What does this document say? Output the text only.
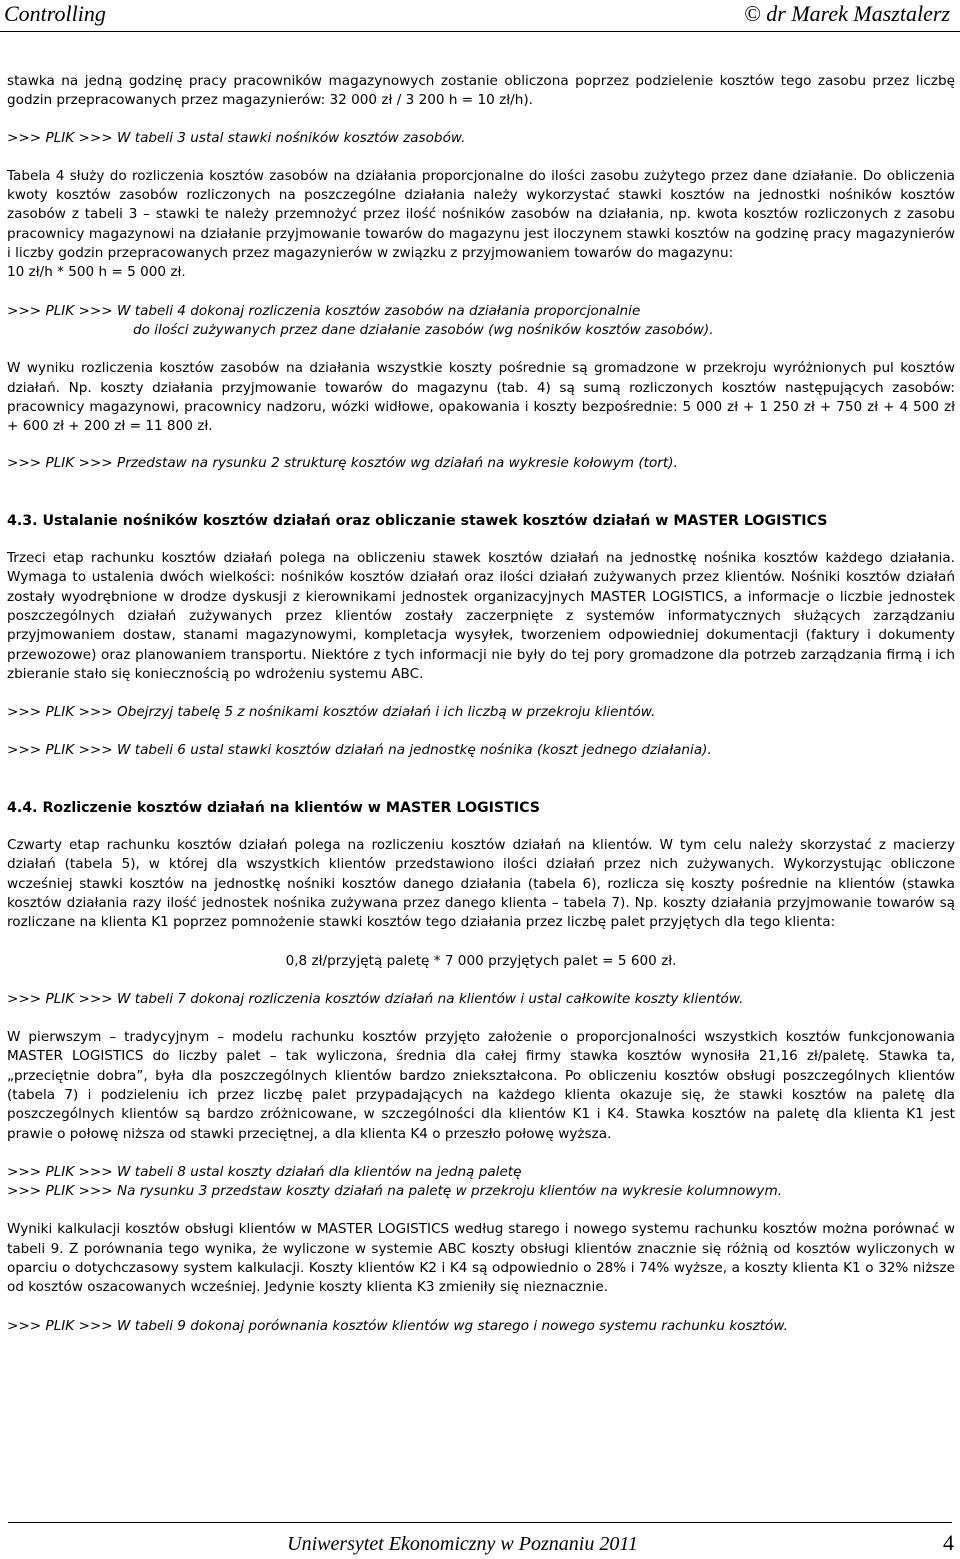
Controlling	© dr Marek Masztalerz

stawka na jedną godzinę pracy pracowników magazynowych zostanie obliczona poprzez podzielenie kosztów tego zasobu przez liczbę godzin przepracowanych przez magazynierów: 32 000 zł / 3 200 h = 10 zł/h).

>>> PLIK >>> W tabeli 3 ustal stawki nośników kosztów zasobów.

Tabela 4 służy do rozliczenia kosztów zasobów na działania proporcjonalne do ilości zasobu zużytego przez dane działanie. Do obliczenia kwoty kosztów zasobów rozliczonych na poszczególne działania należy wykorzystać stawki kosztów na jednostki nośników kosztów zasobów z tabeli 3 – stawki te należy przemnożyć przez ilość nośników zasobów na działania, np. kwota kosztów rozliczonych z zasobu pracownicy magazynowi na działanie przyjmowanie towarów do magazynu jest iloczynem stawki kosztów na godzinę pracy magazynierów i liczby godzin przepracowanych przez magazynierów w związku z przyjmowaniem towarów do magazynu:

10 zł/h * 500 h = 5 000 zł.

>>> PLIK >>> W tabeli 4 dokonaj rozliczenia kosztów zasobów na działania proporcjonalnie

do ilości zużywanych przez dane działanie zasobów (wg nośników kosztów zasobów).

W wyniku rozliczenia kosztów zasobów na działania wszystkie koszty pośrednie są gromadzone w przekroju wyróżnionych pul kosztów działań. Np. koszty działania przyjmowanie towarów do magazynu (tab. 4) są sumą rozliczonych kosztów następujących zasobów: pracownicy magazynowi, pracownicy nadzoru, wózki widłowe, opakowania i koszty bezpośrednie: 5 000 zł + 1 250 zł + 750 zł + 4 500 zł + 600 zł + 200 zł = 11 800 zł.

>>> PLIK >>> Przedstaw na rysunku 2 strukturę kosztów wg działań na wykresie kołowym (tort).

4.3. Ustalanie nośników kosztów działań oraz obliczanie stawek kosztów działań w MASTER LOGISTICS

Trzeci etap rachunku kosztów działań polega na obliczeniu stawek kosztów działań na jednostkę nośnika kosztów każdego działania. Wymaga to ustalenia dwóch wielkości: nośników kosztów działań oraz ilości działań zużywanych przez klientów. Nośniki kosztów działań zostały wyodrębnione w drodze dyskusji z kierownikami jednostek organizacyjnych MASTER LOGISTICS, a informacje o liczbie jednostek poszczególnych działań zużywanych przez klientów zostały zaczerpnięte z systemów informatycznych służących zarządzaniu przyjmowaniem dostaw, stanami magazynowymi, kompletacja wysyłek, tworzeniem odpowiedniej dokumentacji (faktury i dokumenty przewozowe) oraz planowaniem transportu. Niektóre z tych informacji nie były do tej pory gromadzone dla potrzeb zarządzania firmą i ich zbieranie stało się koniecznością po wdrożeniu systemu ABC.

>>> PLIK >>> Obejrzyj tabelę 5 z nośnikami kosztów działań i ich liczbą w przekroju klientów.

>>> PLIK >>> W tabeli 6 ustal stawki kosztów działań na jednostkę nośnika (koszt jednego działania).

4.4. Rozliczenie kosztów działań na klientów w MASTER LOGISTICS

Czwarty etap rachunku kosztów działań polega na rozliczeniu kosztów działań na klientów. W tym celu należy skorzystać z macierzy działań (tabela 5), w której dla wszystkich klientów przedstawiono ilości działań przez nich zużywanych. Wykorzystując obliczone wcześniej stawki kosztów na jednostkę nośniki kosztów danego działania (tabela 6), rozlicza się koszty pośrednie na klientów (stawka kosztów działania razy ilość jednostek nośnika zużywana przez danego klienta – tabela 7). Np. koszty działania przyjmowanie towarów są rozliczane na klienta K1 poprzez pomnożenie stawki kosztów tego działania przez liczbę palet przyjętych dla tego klienta:

0,8 zł/przyjętą paletę * 7 000 przyjętych palet = 5 600 zł.

>>> PLIK >>> W tabeli 7 dokonaj rozliczenia kosztów działań na klientów i ustal całkowite koszty klientów.

W pierwszym – tradycyjnym – modelu rachunku kosztów przyjęto założenie o proporcjonalności wszystkich kosztów funkcjonowania MASTER LOGISTICS do liczby palet – tak wyliczona, średnia dla całej firmy stawka kosztów wynosiła 21,16 zł/paletę. Stawka ta, „przeciętnie dobra”, była dla poszczególnych klientów bardzo zniekształcona. Po obliczeniu kosztów obsługi poszczególnych klientów (tabela 7) i podzieleniu ich przez liczbę palet przypadających na każdego klienta okazuje się, że stawki kosztów na paletę dla poszczególnych klientów są bardzo zróżnicowane, w szczególności dla klientów K1 i K4. Stawka kosztów na paletę dla klienta K1 jest prawie o połowę niższa od stawki przeciętnej, a dla klienta K4 o przeszło połowę wyższa.

>>> PLIK >>> W tabeli 8 ustal koszty działań dla klientów na jedną paletę

>>> PLIK >>> Na rysunku 3 przedstaw koszty działań na paletę w przekroju klientów na wykresie kolumnowym.

Wyniki kalkulacji kosztów obsługi klientów w MASTER LOGISTICS według starego i nowego systemu rachunku kosztów można porównać w tabeli 9. Z porównania tego wynika, że wyliczone w systemie ABC koszty obsługi klientów znacznie się różnią od kosztów wyliczonych w oparciu o dotychczasowy system kalkulacji. Koszty klientów K2 i K4 są odpowiednio o 28% i 74% wyższe, a koszty klienta K1 o 32% niższe od kosztów oszacowanych wcześniej. Jedynie koszty klienta K3 zmieniły się nieznacznie.

>>> PLIK >>> W tabeli 9 dokonaj porównania kosztów klientów wg starego i nowego systemu rachunku kosztów.

Uniwersytet Ekonomiczny w Poznaniu 2011	4
